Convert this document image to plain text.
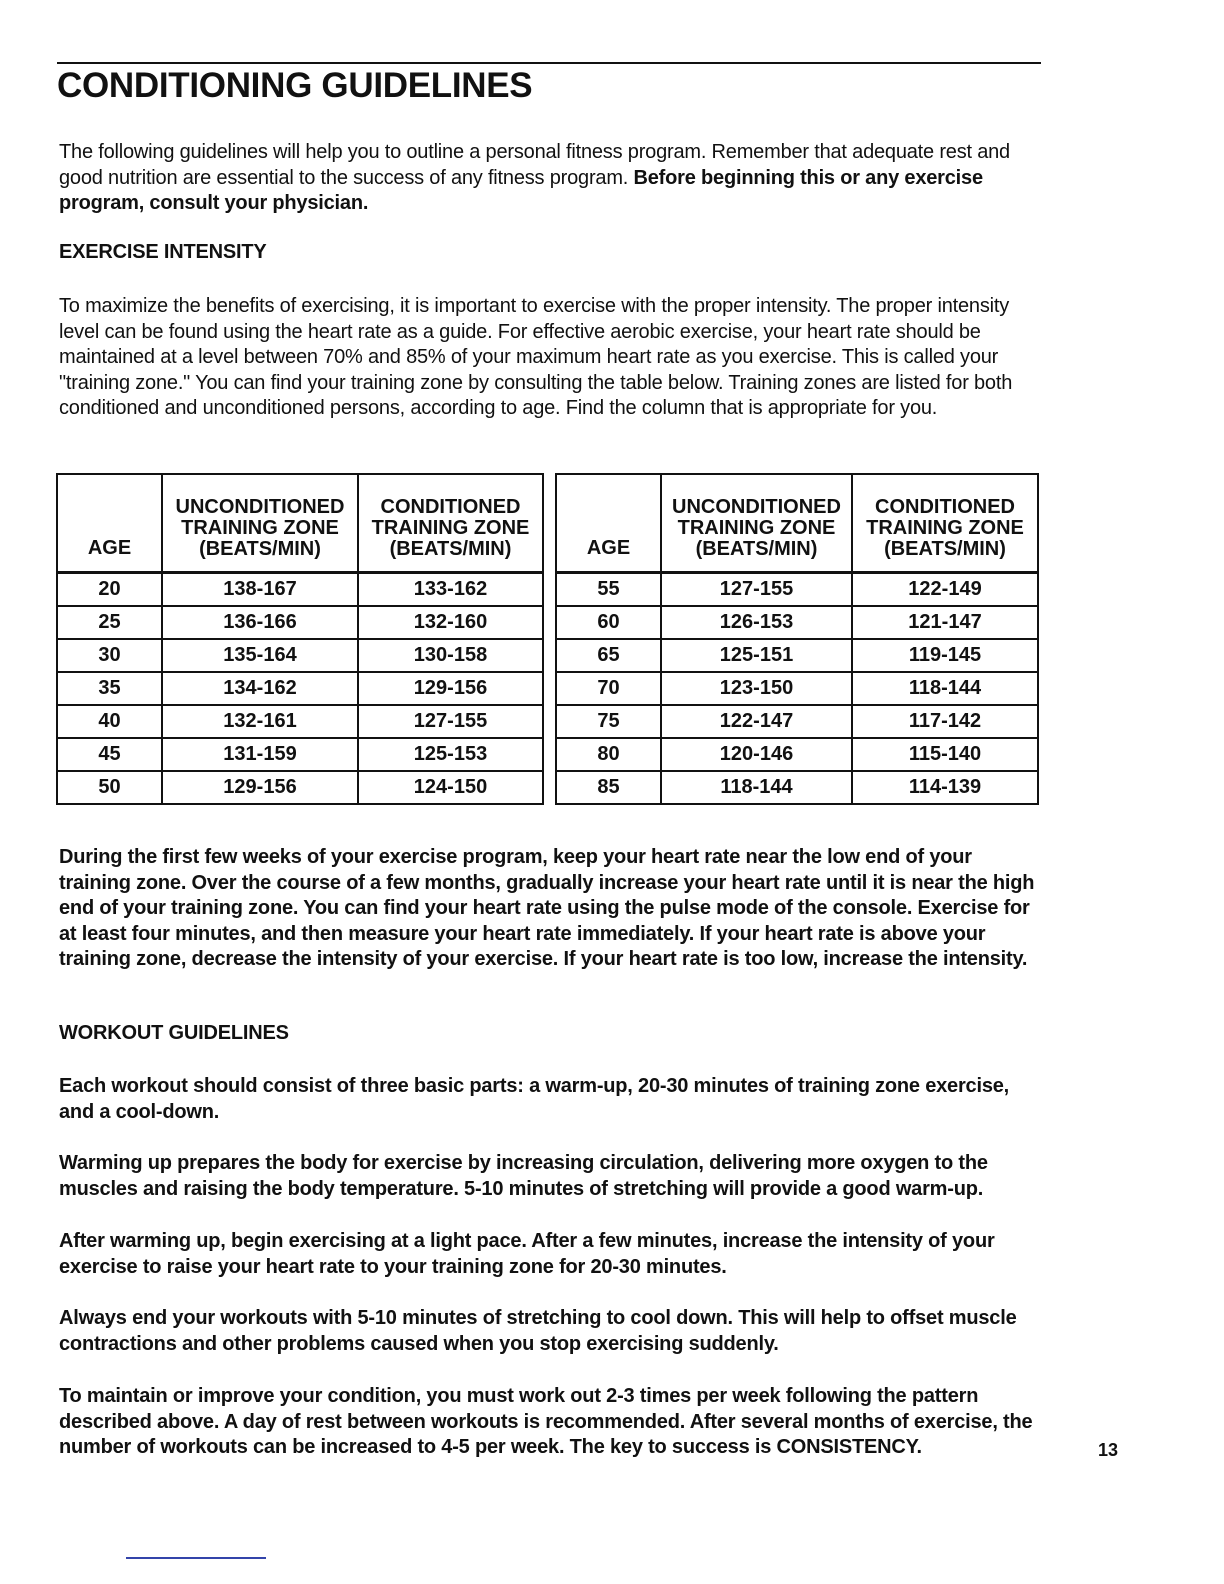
CONDITIONING GUIDELINES

The following guidelines will help you to outline a personal fitness program. Remember that adequate rest and good nutrition are essential to the success of any fitness program. Before beginning this or any exercise program, consult your physician.

EXERCISE INTENSITY

To maximize the benefits of exercising, it is important to exercise with the proper intensity. The proper intensity level can be found using the heart rate as a guide. For effective aerobic exercise, your heart rate should be maintained at a level between 70% and 85% of your maximum heart rate as you exercise. This is called your "training zone." You can find your training zone by consulting the table below. Training zones are listed for both conditioned and unconditioned persons, according to age. Find the column that is appropriate for you.

AGE	UNCONDITIONED
TRAINING ZONE
(BEATS/MIN)	CONDITIONED
TRAINING ZONE
(BEATS/MIN)
20	138-167	133-162
25	136-166	132-160
30	135-164	130-158
35	134-162	129-156
40	132-161	127-155
45	131-159	125-153
50	129-156	124-150
AGE	UNCONDITIONED
TRAINING ZONE
(BEATS/MIN)	CONDITIONED
TRAINING ZONE
(BEATS/MIN)
55	127-155	122-149
60	126-153	121-147
65	125-151	119-145
70	123-150	118-144
75	122-147	117-142
80	120-146	115-140
85	118-144	114-139

During the first few weeks of your exercise program, keep your heart rate near the low end of your training zone. Over the course of a few months, gradually increase your heart rate until it is near the high end of your training zone. You can find your heart rate using the pulse mode of the console. Exercise for at least four minutes, and then measure your heart rate immediately. If your heart rate is above your training zone, decrease the intensity of your exercise. If your heart rate is too low, increase the intensity.

WORKOUT GUIDELINES

Each workout should consist of three basic parts: a warm-up, 20-30 minutes of training zone exercise, and a cool-down.

Warming up prepares the body for exercise by increasing circulation, delivering more oxygen to the muscles and raising the body temperature. 5-10 minutes of stretching will provide a good warm-up.

After warming up, begin exercising at a light pace. After a few minutes, increase the intensity of your exercise to raise your heart rate to your training zone for 20-30 minutes.

Always end your workouts with 5-10 minutes of stretching to cool down. This will help to offset muscle contractions and other problems caused when you stop exercising suddenly.

To maintain or improve your condition, you must work out 2-3 times per week following the pattern described above. A day of rest between workouts is recommended. After several months of exercise, the number of workouts can be increased to 4-5 per week. The key to success is CONSISTENCY.	13
